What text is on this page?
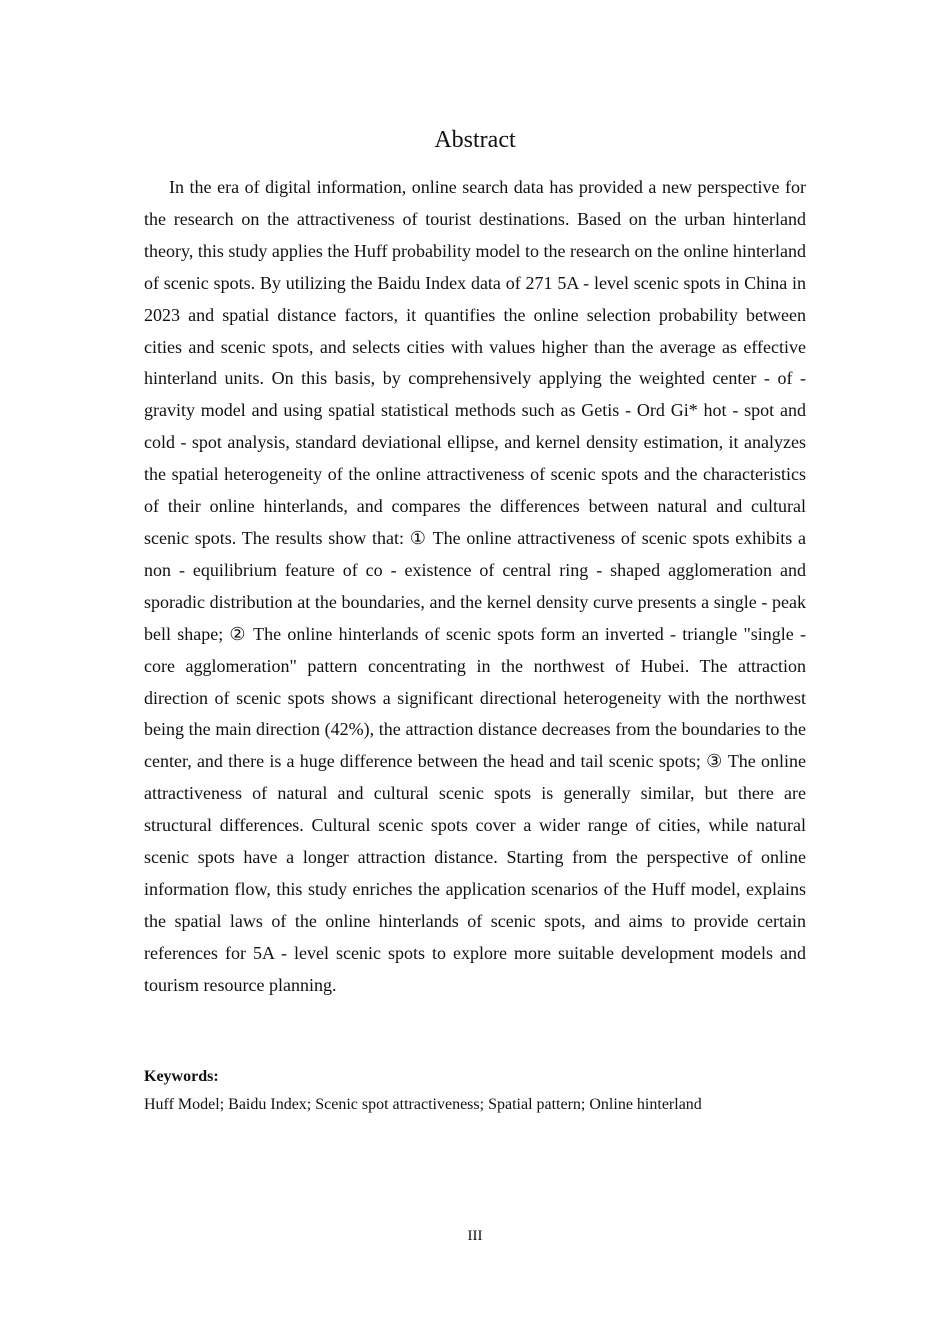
Abstract

In the era of digital information, online search data has provided a new perspective for the research on the attractiveness of tourist destinations. Based on the urban hinterland theory, this study applies the Huff probability model to the research on the online hinterland of scenic spots. By utilizing the Baidu Index data of 271 5A - level scenic spots in China in 2023 and spatial distance factors, it quantifies the online selection probability between cities and scenic spots, and selects cities with values higher than the average as effective hinterland units. On this basis, by comprehensively applying the weighted center - of - gravity model and using spatial statistical methods such as Getis - Ord Gi* hot - spot and cold - spot analysis, standard deviational ellipse, and kernel density estimation, it analyzes the spatial heterogeneity of the online attractiveness of scenic spots and the characteristics of their online hinterlands, and compares the differences between natural and cultural scenic spots. The results show that: ① The online attractiveness of scenic spots exhibits a non - equilibrium feature of co - existence of central ring - shaped agglomeration and sporadic distribution at the boundaries, and the kernel density curve presents a single - peak bell shape; ② The online hinterlands of scenic spots form an inverted - triangle "single - core agglomeration" pattern concentrating in the northwest of Hubei. The attraction direction of scenic spots shows a significant directional heterogeneity with the northwest being the main direction (42%), the attraction distance decreases from the boundaries to the center, and there is a huge difference between the head and tail scenic spots; ③ The online attractiveness of natural and cultural scenic spots is generally similar, but there are structural differences. Cultural scenic spots cover a wider range of cities, while natural scenic spots have a longer attraction distance. Starting from the perspective of online information flow, this study enriches the application scenarios of the Huff model, explains the spatial laws of the online hinterlands of scenic spots, and aims to provide certain references for 5A - level scenic spots to explore more suitable development models and tourism resource planning.

Keywords:

Huff Model; Baidu Index; Scenic spot attractiveness; Spatial pattern; Online hinterland

III
